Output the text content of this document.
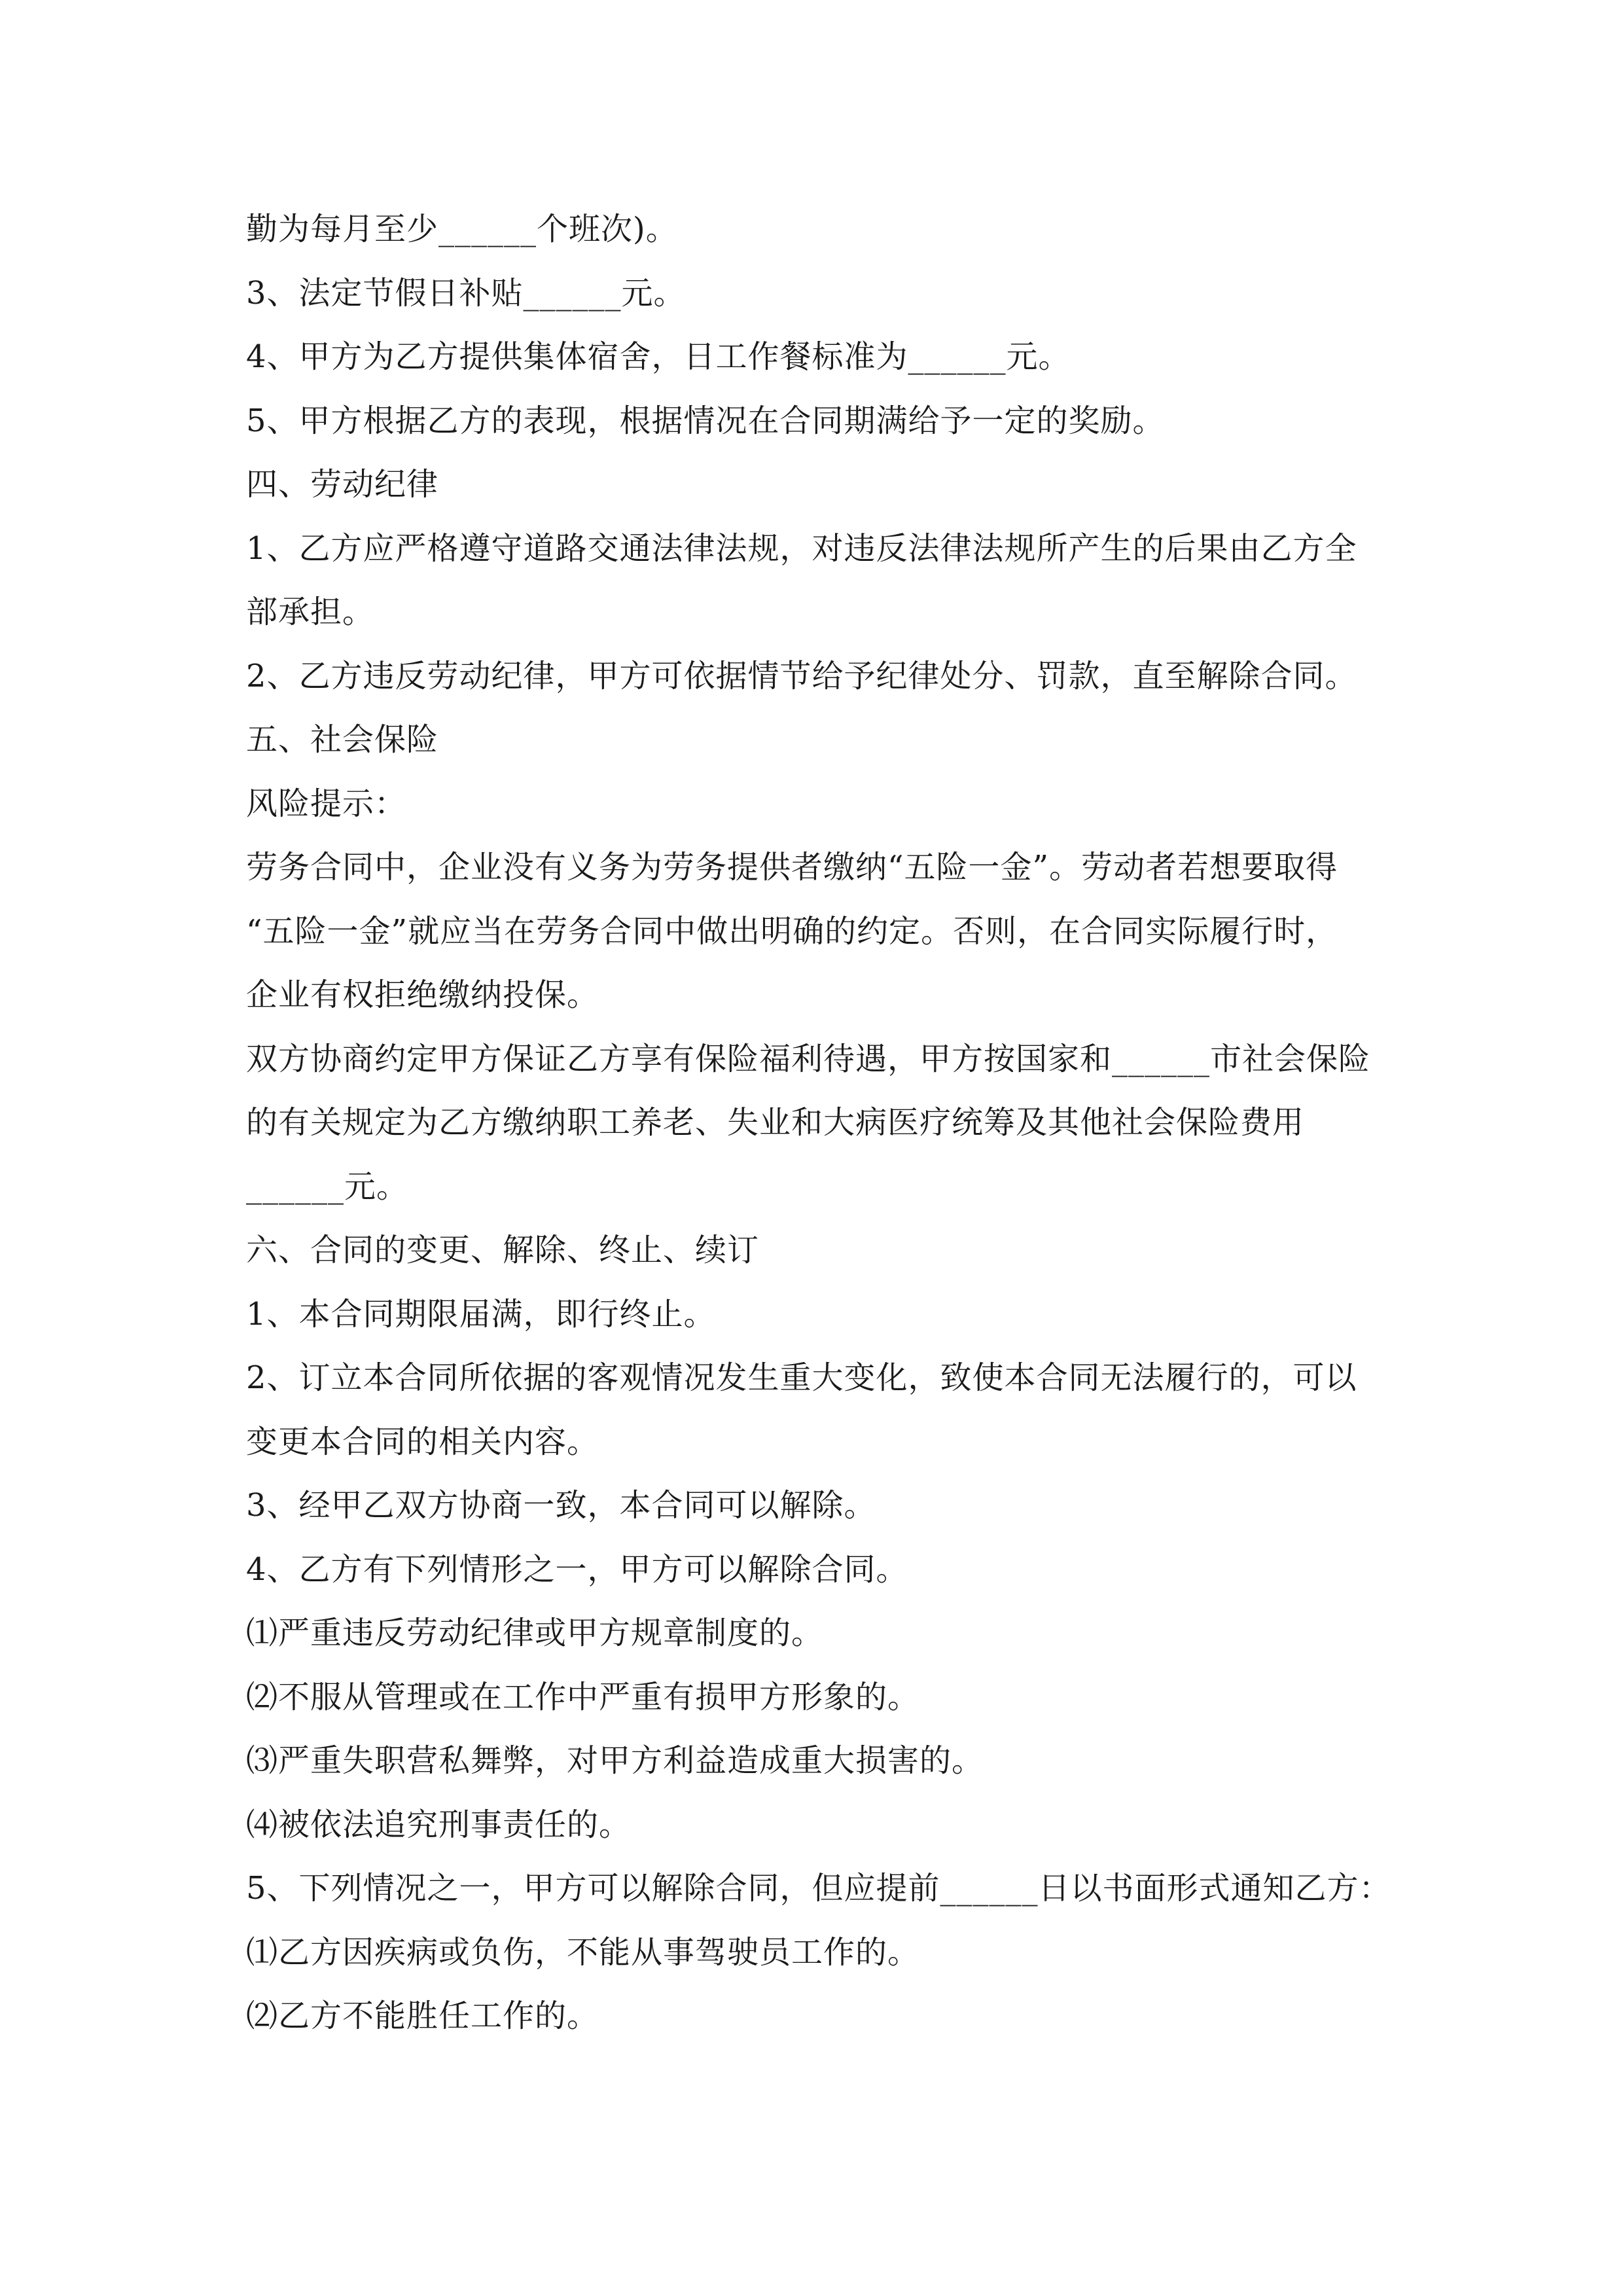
勤为每月至少______个班次)。
3、法定节假日补贴______元。
4、甲方为乙方提供集体宿舍，日工作餐标准为______元。
5、甲方根据乙方的表现，根据情况在合同期满给予一定的奖励。
四、劳动纪律
1、乙方应严格遵守道路交通法律法规，对违反法律法规所产生的后果由乙方全
部承担。
2、乙方违反劳动纪律，甲方可依据情节给予纪律处分、罚款，直至解除合同。
五、社会保险
风险提示：
劳务合同中，企业没有义务为劳务提供者缴纳“五险一金”。劳动者若想要取得
“五险一金”就应当在劳务合同中做出明确的约定。否则，在合同实际履行时，
企业有权拒绝缴纳投保。
双方协商约定甲方保证乙方享有保险福利待遇，甲方按国家和______市社会保险
的有关规定为乙方缴纳职工养老、失业和大病医疗统筹及其他社会保险费用
______元。
六、合同的变更、解除、终止、续订
1、本合同期限届满，即行终止。
2、订立本合同所依据的客观情况发生重大变化，致使本合同无法履行的，可以
变更本合同的相关内容。
3、经甲乙双方协商一致，本合同可以解除。
4、乙方有下列情形之一，甲方可以解除合同。
⑴严重违反劳动纪律或甲方规章制度的。
⑵不服从管理或在工作中严重有损甲方形象的。
⑶严重失职营私舞弊，对甲方利益造成重大损害的。
⑷被依法追究刑事责任的。
5、下列情况之一，甲方可以解除合同，但应提前______日以书面形式通知乙方：
⑴乙方因疾病或负伤，不能从事驾驶员工作的。
⑵乙方不能胜任工作的。
